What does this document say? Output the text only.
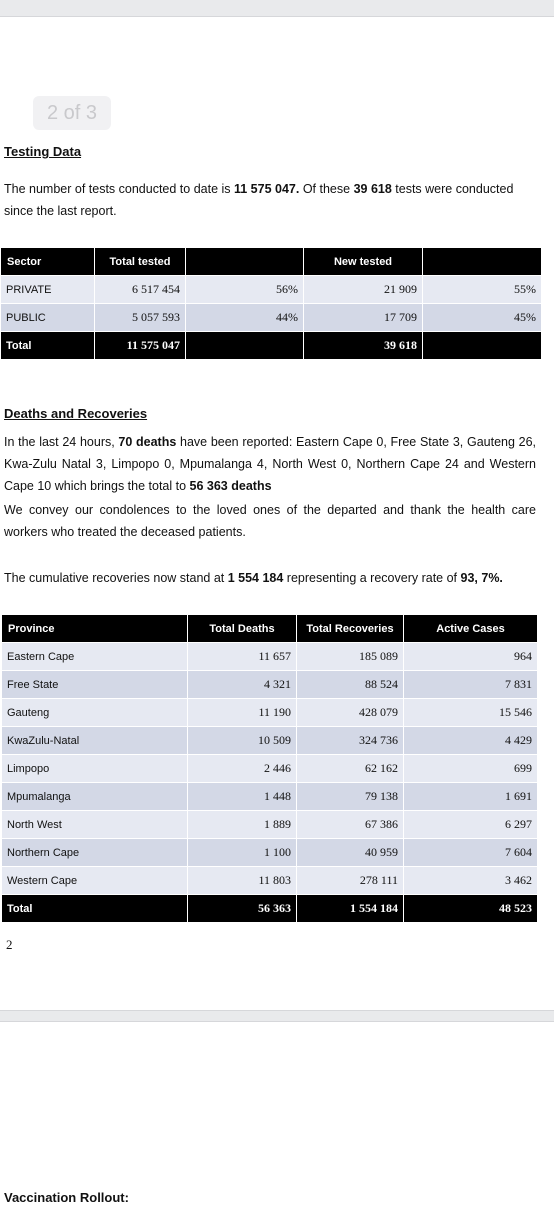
2 of 3
Testing Data
The number of tests conducted to date is 11 575 047. Of these 39 618 tests were conducted since the last report.
Sector	Total tested		New tested	
PRIVATE	6 517 454	56%	21 909	55%
PUBLIC	5 057 593	44%	17 709	45%
Total	11 575 047		39 618	
Deaths and Recoveries
In the last 24 hours, 70 deaths have been reported: Eastern Cape 0, Free State 3, Gauteng 26, Kwa-Zulu Natal 3, Limpopo 0, Mpumalanga 4, North West 0, Northern Cape 24 and Western Cape 10 which brings the total to 56 363 deaths
We convey our condolences to the loved ones of the departed and thank the health care workers who treated the deceased patients.
The cumulative recoveries now stand at 1 554 184 representing a recovery rate of 93, 7%.
Province	Total Deaths	Total Recoveries	Active Cases
Eastern Cape	11 657	185 089	964
Free State	4 321	88 524	7 831
Gauteng	11 190	428 079	15 546
KwaZulu-Natal	10 509	324 736	4 429
Limpopo	2 446	62 162	699
Mpumalanga	1 448	79 138	1 691
North West	1 889	67 386	6 297
Northern Cape	1 100	40 959	7 604
Western Cape	11 803	278 111	3 462
Total	56 363	1 554 184	48 523
2
Vaccination Rollout:
